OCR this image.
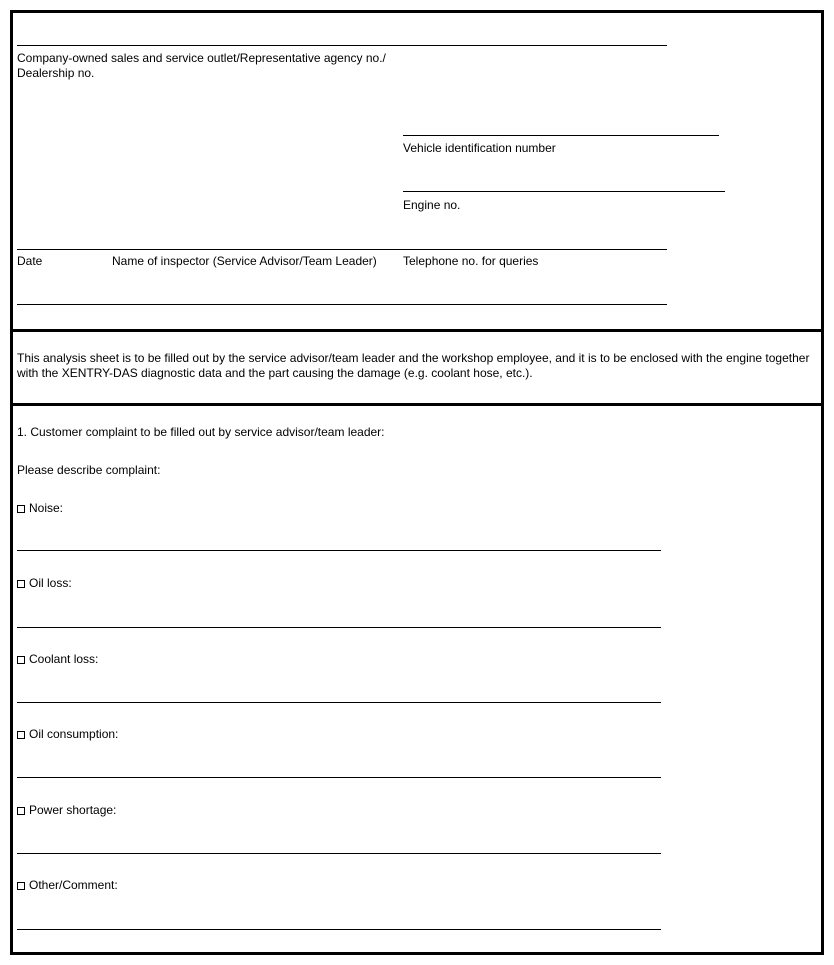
Company-owned sales and service outlet/Representative agency no./ Dealership no.
Vehicle identification number
Engine no.
Date	Name of inspector (Service Advisor/Team Leader) Telephone no. for queries
This analysis sheet is to be filled out by the service advisor/team leader and the workshop employee, and it is to be enclosed with the engine together with the XENTRY-DAS diagnostic data and the part causing the damage (e.g. coolant hose, etc.).
1. Customer complaint to be filled out by service advisor/team leader:
Please describe complaint:
Noise:
Oil loss:
Coolant loss:
Oil consumption:
Power shortage:
Other/Comment:
